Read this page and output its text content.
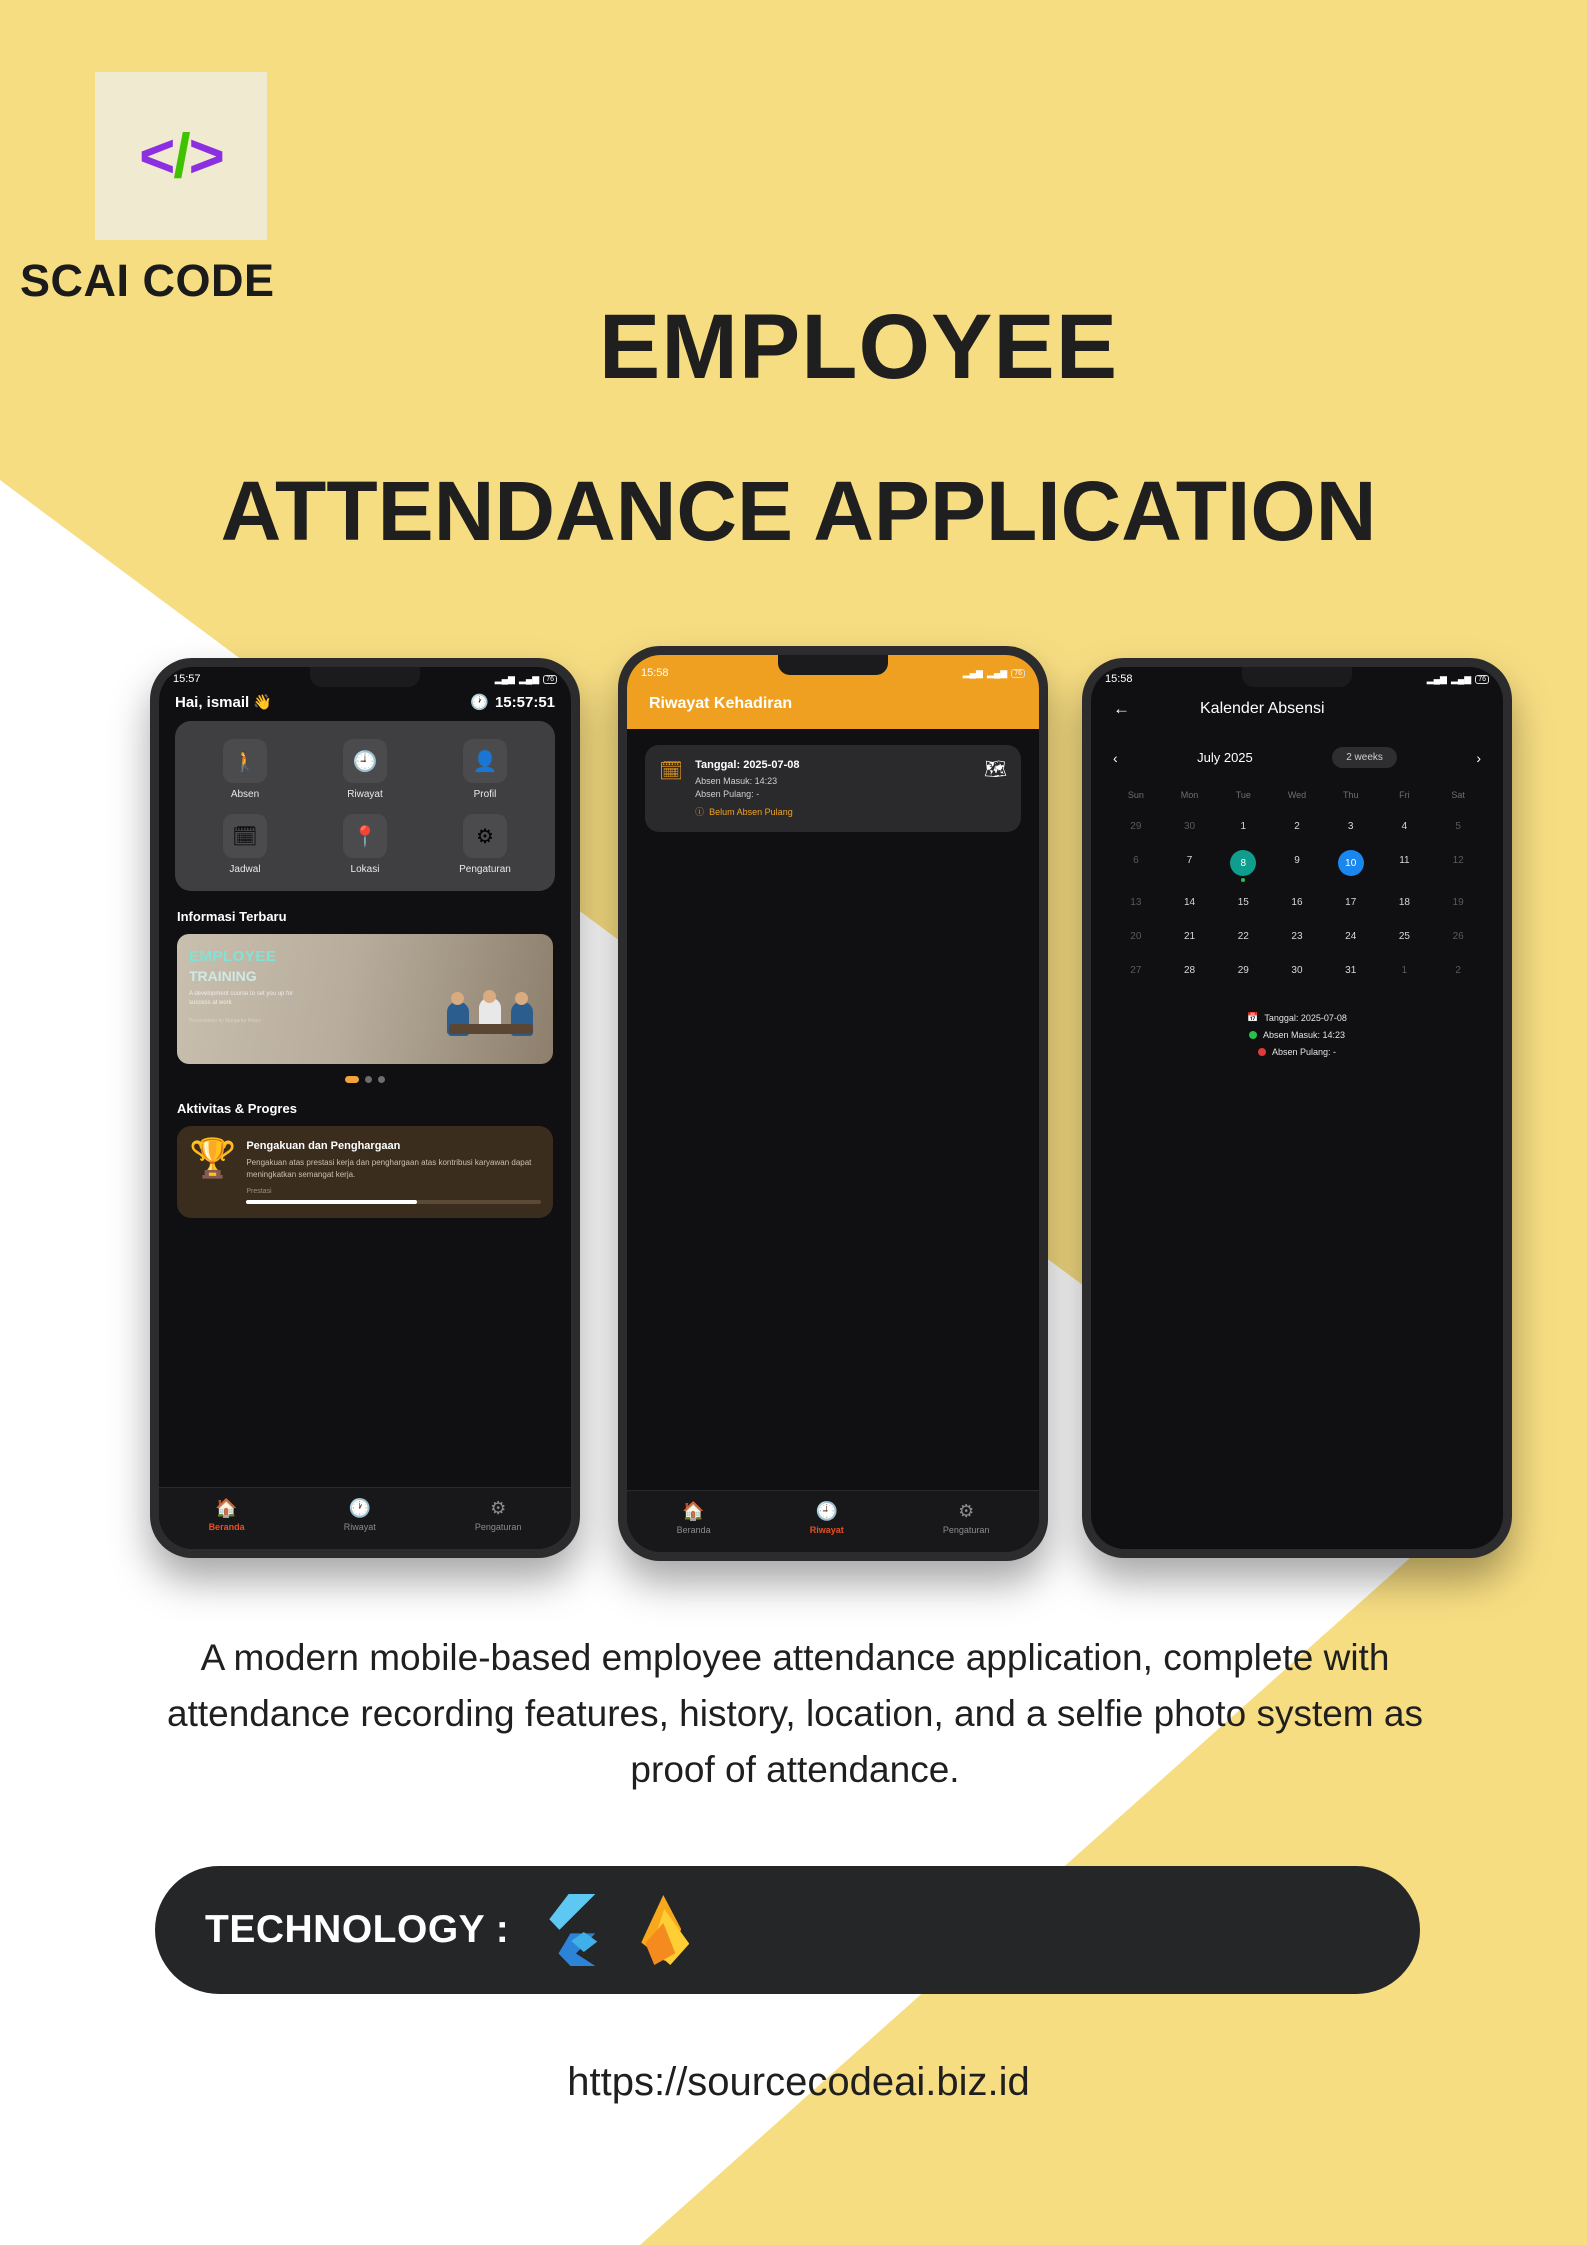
</>
SCAI CODE
EMPLOYEE
ATTENDANCE APPLICATION
15:57	▂▄▆ ▂▄▆	76
Hai, ismail 👋	🕐 15:57:51
🚶
Absen
🕘
Riwayat
👤
Profil
🗓
Jadwal
📍
Lokasi
⚙
Pengaturan
Informasi Terbaru
EMPLOYEE
TRAINING
A development course to set you up for success at work
Presentation by Margarita Perez
Aktivitas & Progres
🏆 Pengakuan dan Penghargaan
Pengakuan atas prestasi kerja dan penghargaan atas kontribusi karyawan dapat meningkatkan semangat kerja.
Prestasi
🏠
Beranda
🕐
Riwayat
⚙
Pengaturan
15:58	▂▄▆ ▂▄▆	76
Riwayat Kehadiran
🗓 Tanggal: 2025-07-08
Absen Masuk: 14:23
Absen Pulang: -
ⓘ Belum Absen Pulang
🗺
🏠
Beranda
🕘
Riwayat
⚙
Pengaturan
15:58	▂▄▆ ▂▄▆	76
←	Kalender Absensi
‹	July 2025	2 weeks	›
Sun	Mon	Tue	Wed	Thu	Fri	Sat
29	30	1	2	3	4	5
6	7	8	9	10	11	12
13	14	15	16	17	18	19
20	21	22	23	24	25	26
27	28	29	30	31	1	2
📅 Tanggal: 2025-07-08
Absen Masuk: 14:23
Absen Pulang: -
A modern mobile-based employee attendance application, complete with attendance recording features, history, location, and a selfie photo system as proof of attendance.
TECHNOLOGY :
https://sourcecodeai.biz.id
